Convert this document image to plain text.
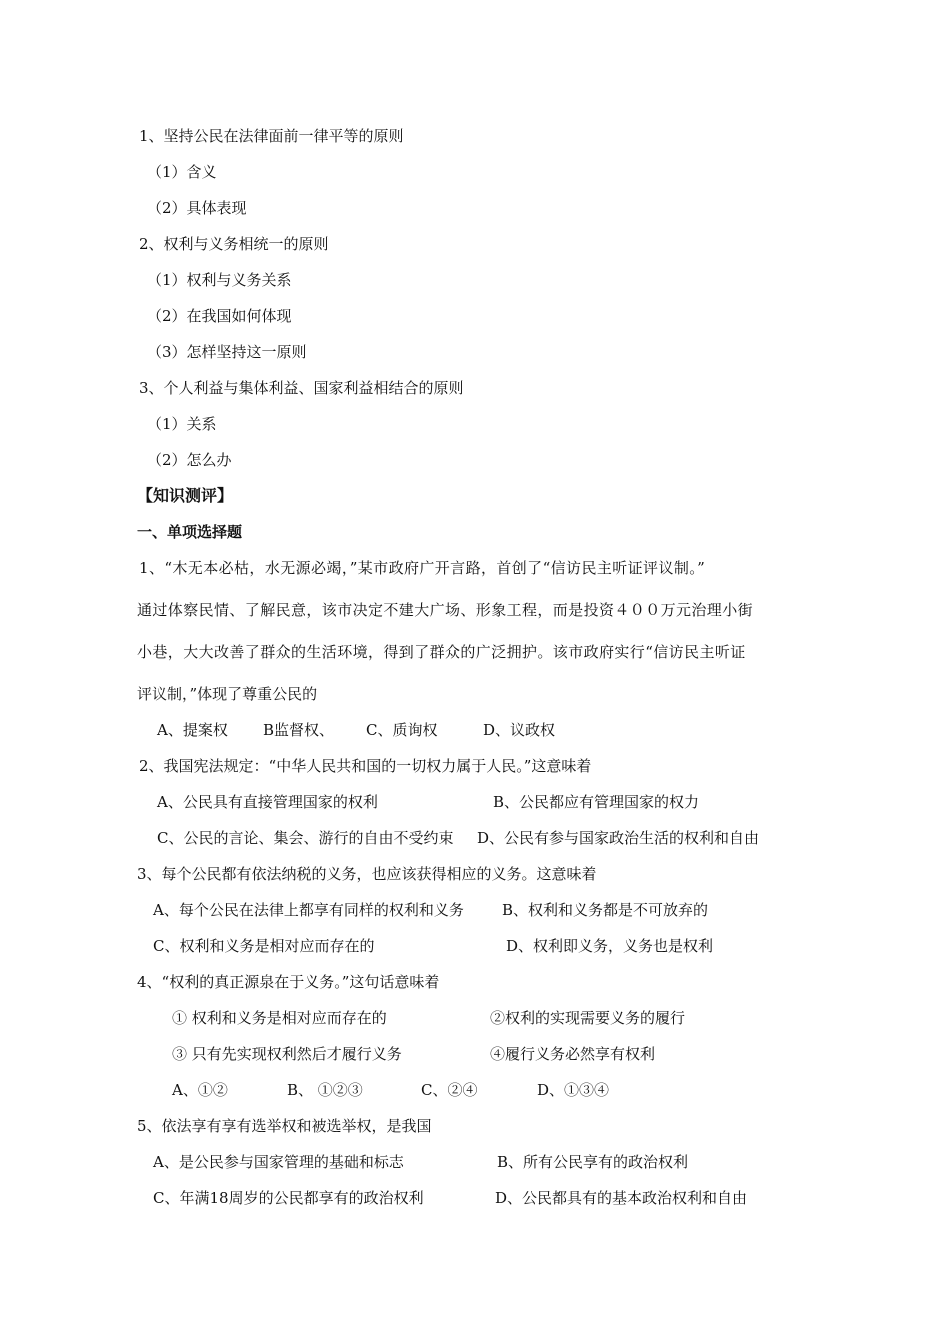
1、坚持公民在法律面前一律平等的原则
（1）含义
（2）具体表现
2、权利与义务相统一的原则
（1）权利与义务关系
（2）在我国如何体现
（3）怎样坚持这一原则
3、个人利益与集体利益、国家利益相结合的原则
（1）关系
（2）怎么办
【知识测评】
一、单项选择题
1、“木无本必枯，水无源必竭，”某市政府广开言路，首创了“信访民主听证评议制。”
通过体察民情、了解民意，该市决定不建大广场、形象工程，而是投资４００万元治理小街
小巷，大大改善了群众的生活环境，得到了群众的广泛拥护。该市政府实行“信访民主听证
评议制，”体现了尊重公民的
A、提案权 B监督权、 C、质询权	D、议政权
2、我国宪法规定：“中华人民共和国的一切权力属于人民。”这意味着
A、公民具有直接管理国家的权利	B、公民都应有管理国家的权力
C、公民的言论、集会、游行的自由不受约束 D、公民有参与国家政治生活的权利和自由
3、每个公民都有依法纳税的义务，也应该获得相应的义务。这意味着
A、每个公民在法律上都享有同样的权利和义务	B、权利和义务都是不可放弃的
C、权利和义务是相对应而存在的	D、权利即义务，义务也是权利
4、“权利的真正源泉在于义务。”这句话意味着
① 权利和义务是相对应而存在的	②权利的实现需要义务的履行
③ 只有先实现权利然后才履行义务	④履行义务必然享有权利
A、①②	B、 ①②③	C、②④	D、①③④
5、依法享有享有选举权和被选举权，是我国
A、是公民参与国家管理的基础和标志	B、所有公民享有的政治权利
C、年满18周岁的公民都享有的政治权利	D、公民都具有的基本政治权利和自由
